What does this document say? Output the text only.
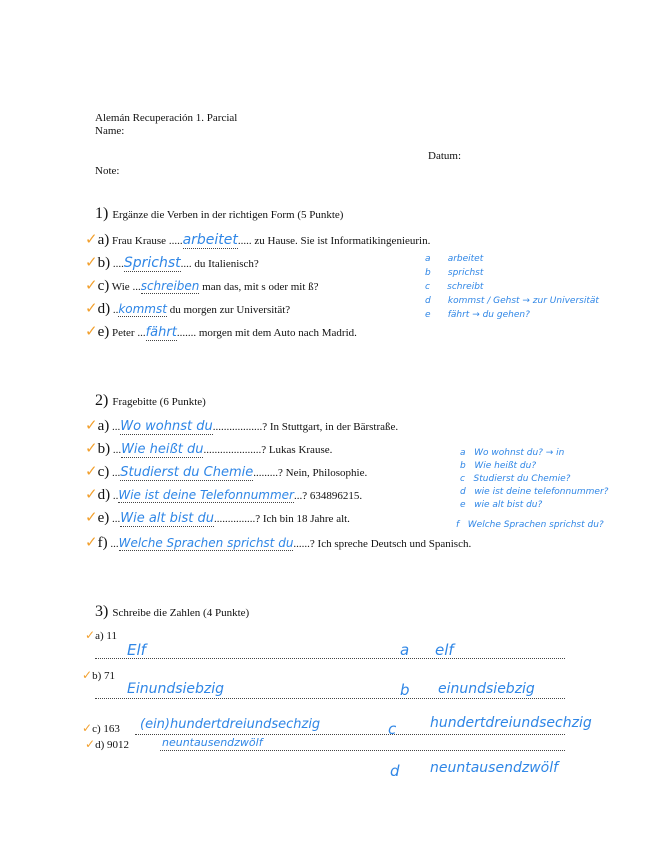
Alemán Recuperación 1. Parcial
Name:
Datum:
Note:
1) Ergänze die Verben in der richtigen Form (5 Punkte)
✓a) Frau Krause .....arbeitet..... zu Hause. Sie ist Informatikingenieurin.
✓b) ....Sprichst.... du Italienisch?
✓c) Wie ...schreiben man das, mit s oder mit ß?
✓d) ..kommst du morgen zur Universität?
✓e) Peter ...fährt....... morgen mit dem Auto nach Madrid.
a arbeitet
b sprichst
c schreibt
d kommst / Gehst → zur Universität
e fährt → du gehen?
2) Fragebitte (6 Punkte)
✓a) ...Wo wohnst du..................? In Stuttgart, in der Bärstraße.
✓b) ...Wie heißt du.....................? Lukas Krause.
✓c) ...Studierst du Chemie.........? Nein, Philosophie.
✓d) ..Wie ist deine Telefonnummer...? 634896215.
✓e) ...Wie alt bist du...............? Ich bin 18 Jahre alt.
✓f) ...Welche Sprachen sprichst du......? Ich spreche Deutsch und Spanisch.
a Wo wohnst du? → in
b Wie heißt du?
c Studierst du Chemie?
d wie ist deine telefonnummer?
e wie alt bist du?
f Welche Sprachen sprichst du?
3) Schreibe die Zahlen (4 Punkte)
✓a) 11
Elf	a elf
✓b) 71
Einundsiebzig	b einundsiebzig
✓c) 163 (ein)hundertdreiundsechzig	c hundertdreiundsechzig
✓d) 9012	neuntausendzwölf
d neuntausendzwölf
